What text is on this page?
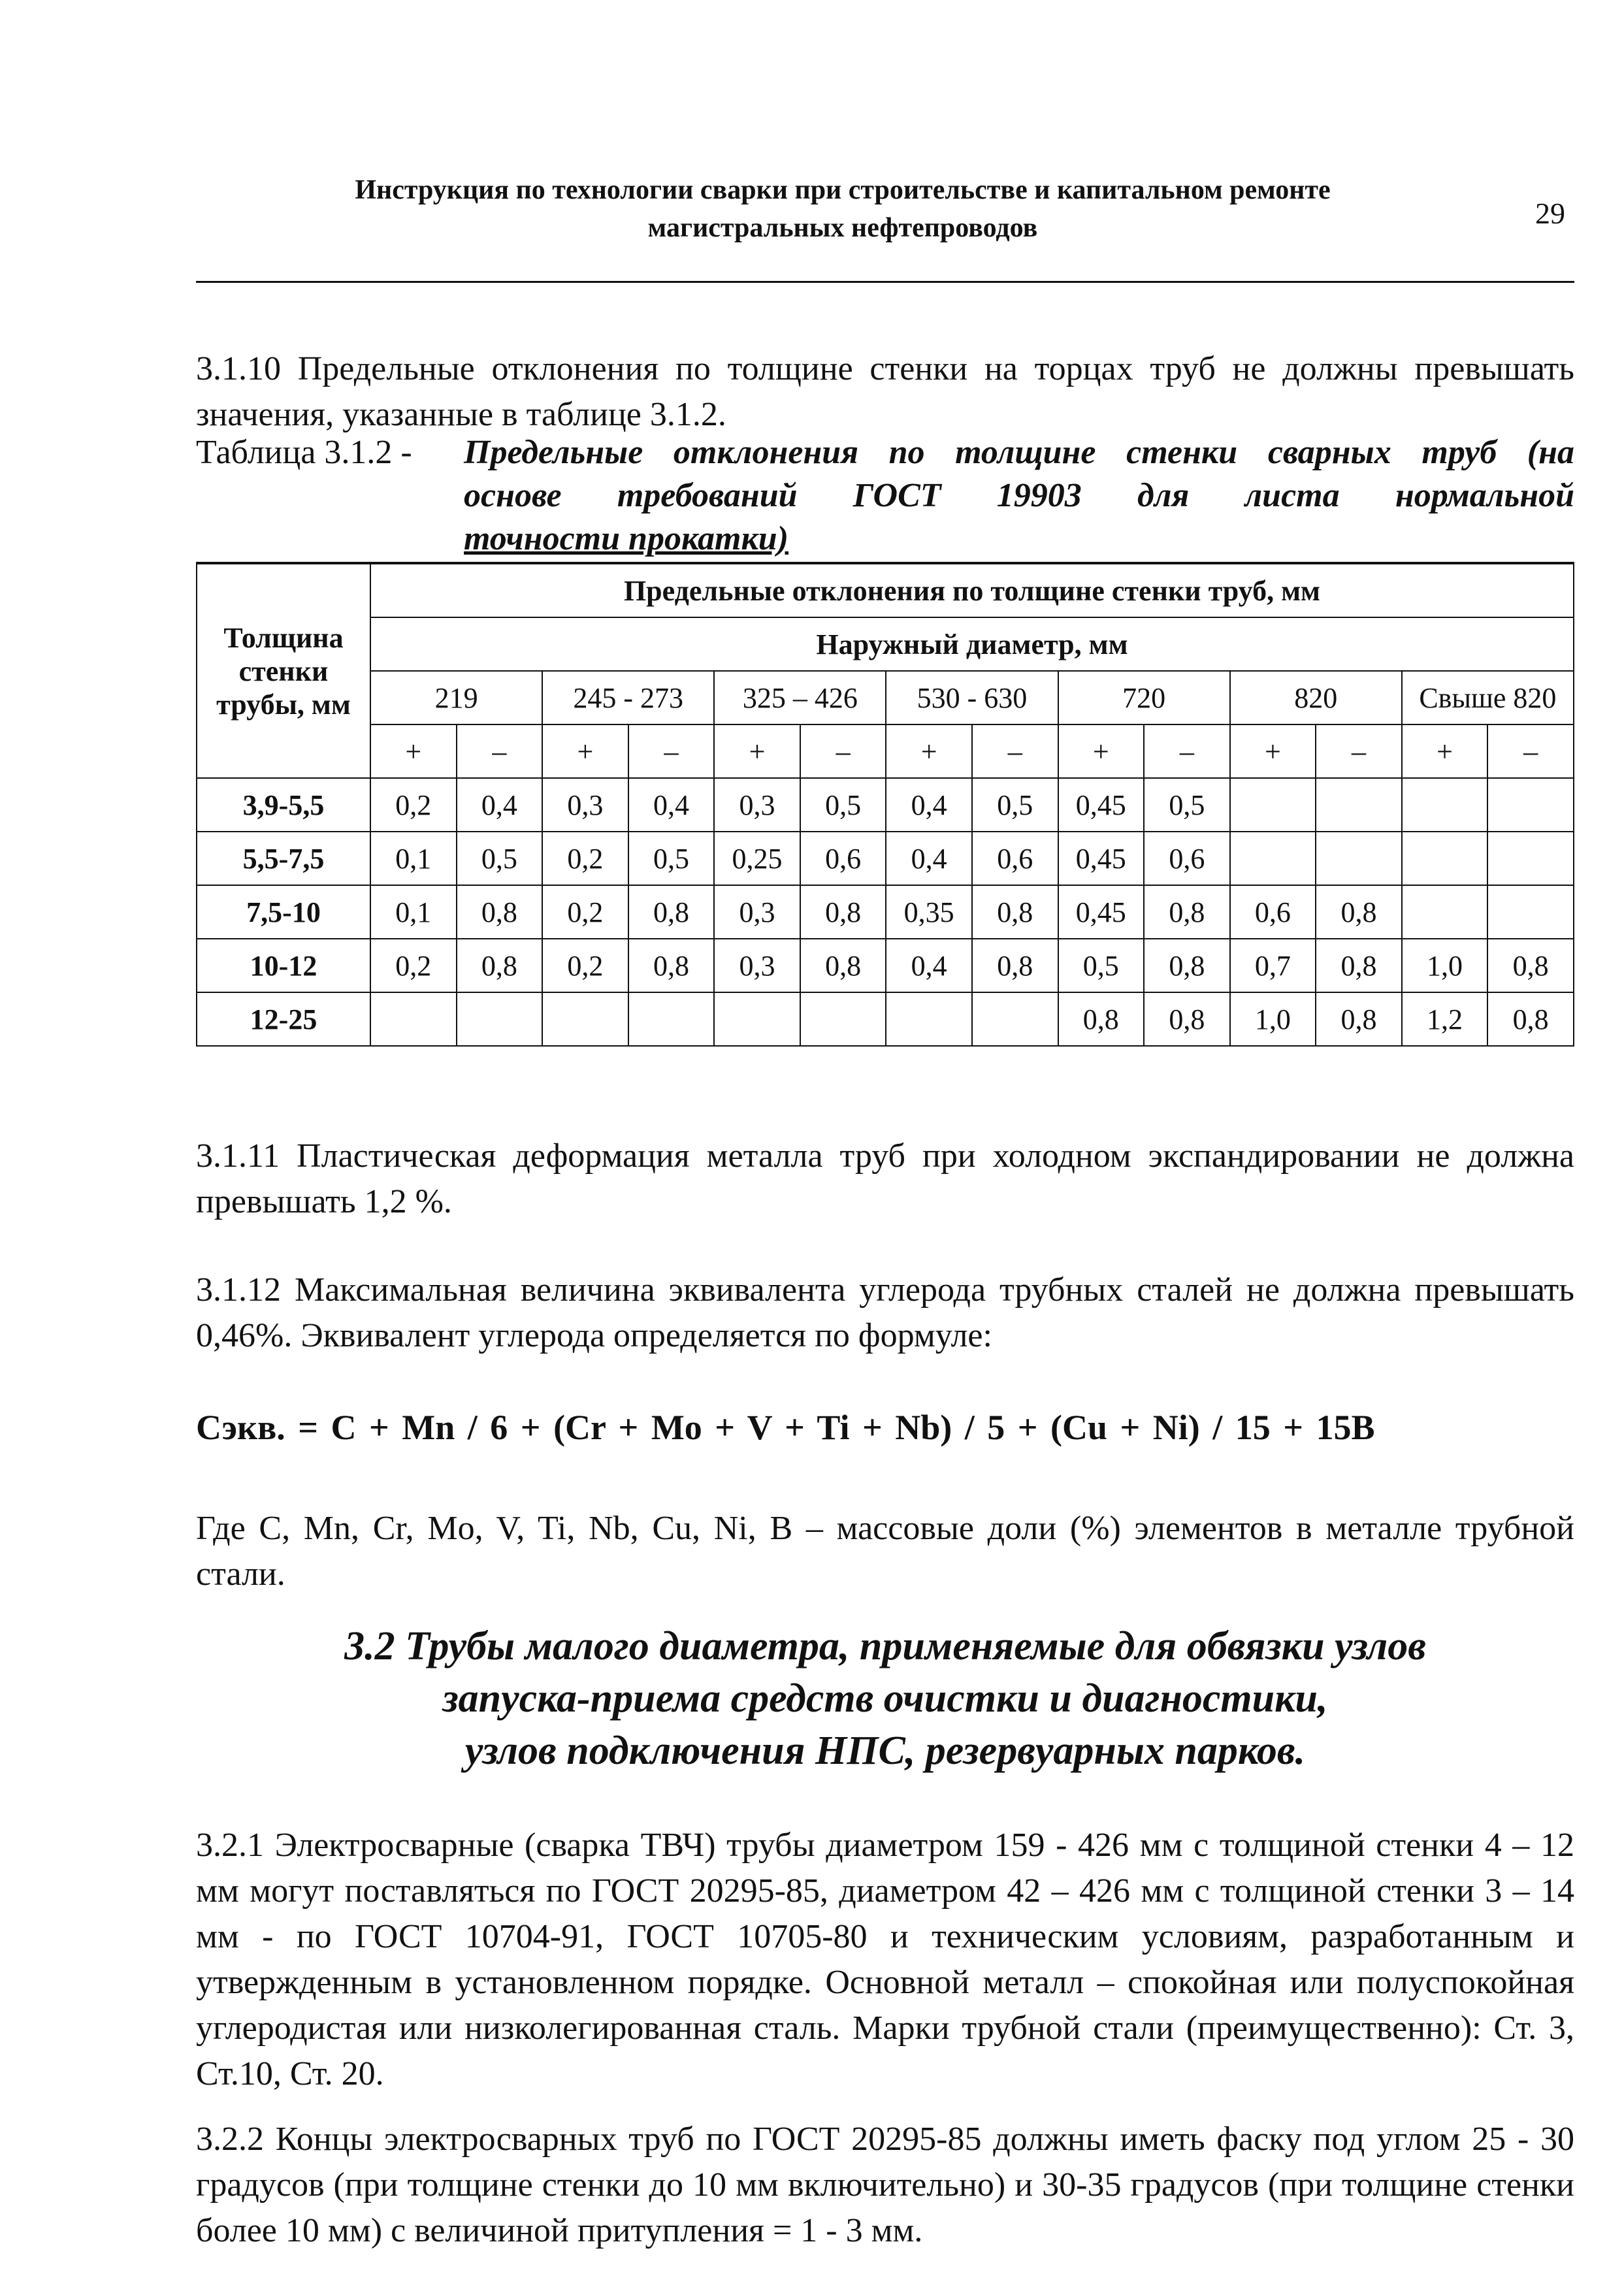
Инструкция по технологии сварки при строительстве и капитальном ремонте
магистральных нефтепроводов	29
3.1.10 Предельные отклонения по толщине стенки на торцах труб не должны превышать значения, указанные в таблице 3.1.2.
Таблица 3.1.2 - Предельные отклонения по толщине стенки сварных труб (на
основе требований ГОСТ 19903 для листа нормальной
точности прокатки)
Толщина стенки трубы, мм	Предельные отклонения по толщине стенки труб, мм													
	Наружный диаметр, мм													
	219		245 - 273		325 – 426		530 - 630		720		820		Свыше 820	
	+	–	+	–	+	–	+	–	+	–	+	–	+	–
3,9-5,5	0,2	0,4	0,3	0,4	0,3	0,5	0,4	0,5	0,45	0,5				
5,5-7,5	0,1	0,5	0,2	0,5	0,25	0,6	0,4	0,6	0,45	0,6				
7,5-10	0,1	0,8	0,2	0,8	0,3	0,8	0,35	0,8	0,45	0,8	0,6	0,8		
10-12	0,2	0,8	0,2	0,8	0,3	0,8	0,4	0,8	0,5	0,8	0,7	0,8	1,0	0,8
12-25									0,8	0,8	1,0	0,8	1,2	0,8
3.1.11 Пластическая деформация металла труб при холодном экспандировании не должна превышать 1,2 %.
3.1.12 Максимальная величина эквивалента углерода трубных сталей не должна превышать 0,46%. Эквивалент углерода определяется по формуле:
Сэкв. = C + Mn / 6 + (Cr + Mo + V + Ti + Nb) / 5 + (Cu + Ni) / 15 + 15B
Где C, Mn, Cr, Mo, V, Ti, Nb, Cu, Ni, B – массовые доли (%) элементов в металле трубной стали.
3.2 Трубы малого диаметра, применяемые для обвязки узлов
запуска-приема средств очистки и диагностики,
узлов подключения НПС, резервуарных парков.
3.2.1 Электросварные (сварка ТВЧ) трубы диаметром 159 - 426 мм с толщиной стенки 4 – 12 мм могут поставляться по ГОСТ 20295-85, диаметром 42 – 426 мм с толщиной стенки 3 – 14 мм - по ГОСТ 10704-91, ГОСТ 10705-80 и техническим условиям, разработанным и утвержденным в установленном порядке. Основной металл – спокойная или полуспокойная углеродистая или низколегированная сталь. Марки трубной стали (преимущественно): Ст. 3, Ст.10, Ст. 20.
3.2.2 Концы электросварных труб по ГОСТ 20295-85 должны иметь фаску под углом 25 - 30 градусов (при толщине стенки до 10 мм включительно) и 30-35 градусов (при толщине стенки более 10 мм) с величиной притупления = 1 - 3 мм.
